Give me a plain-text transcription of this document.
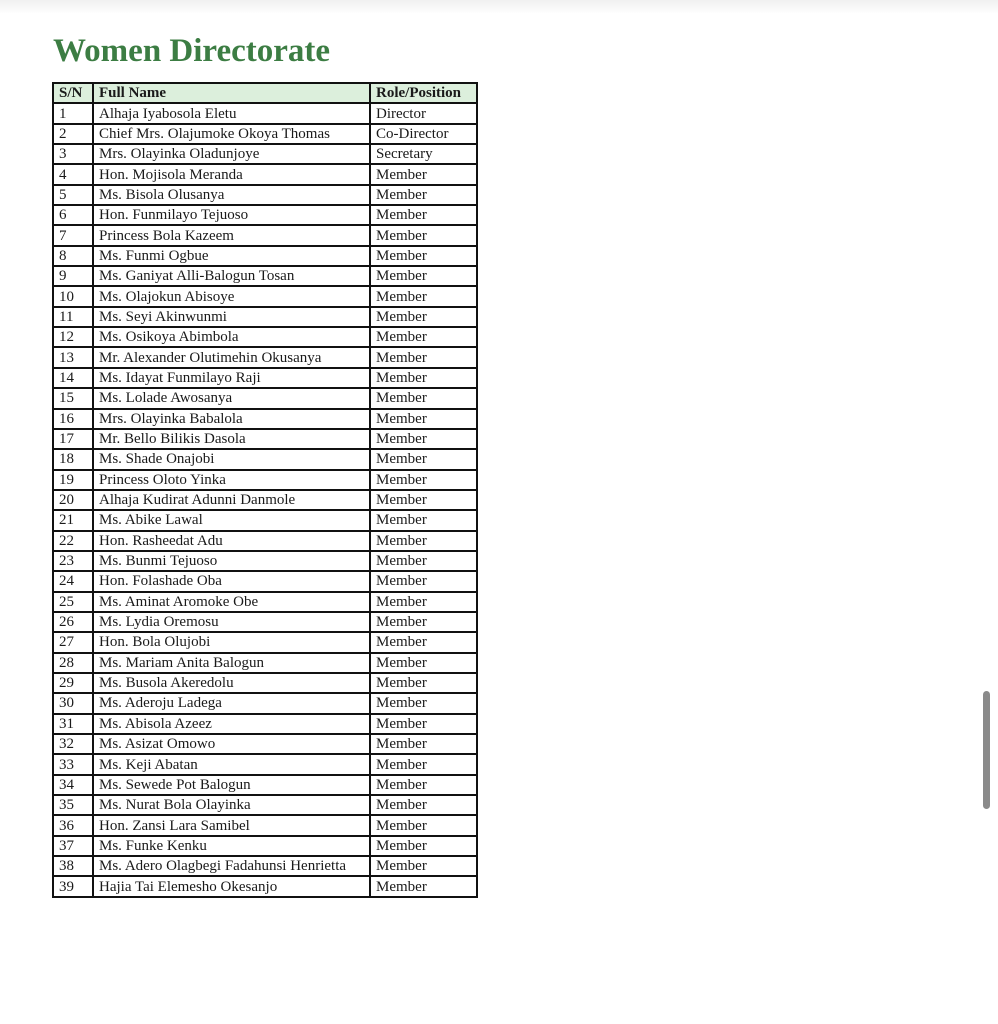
Women Directorate
S/N	Full Name	Role/Position
1	Alhaja Iyabosola Eletu	Director
2	Chief Mrs. Olajumoke Okoya Thomas	Co-Director
3	Mrs. Olayinka Oladunjoye	Secretary
4	Hon. Mojisola Meranda	Member
5	Ms. Bisola Olusanya	Member
6	Hon. Funmilayo Tejuoso	Member
7	Princess Bola Kazeem	Member
8	Ms. Funmi Ogbue	Member
9	Ms. Ganiyat Alli-Balogun Tosan	Member
10	Ms. Olajokun Abisoye	Member
11	Ms. Seyi Akinwunmi	Member
12	Ms. Osikoya Abimbola	Member
13	Mr. Alexander Olutimehin Okusanya	Member
14	Ms. Idayat Funmilayo Raji	Member
15	Ms. Lolade Awosanya	Member
16	Mrs. Olayinka Babalola	Member
17	Mr. Bello Bilikis Dasola	Member
18	Ms. Shade Onajobi	Member
19	Princess Oloto Yinka	Member
20	Alhaja Kudirat Adunni Danmole	Member
21	Ms. Abike Lawal	Member
22	Hon. Rasheedat Adu	Member
23	Ms. Bunmi Tejuoso	Member
24	Hon. Folashade Oba	Member
25	Ms. Aminat Aromoke Obe	Member
26	Ms. Lydia Oremosu	Member
27	Hon. Bola Olujobi	Member
28	Ms. Mariam Anita Balogun	Member
29	Ms. Busola Akeredolu	Member
30	Ms. Aderoju Ladega	Member
31	Ms. Abisola Azeez	Member
32	Ms. Asizat Omowo	Member
33	Ms. Keji Abatan	Member
34	Ms. Sewede Pot Balogun	Member
35	Ms. Nurat Bola Olayinka	Member
36	Hon. Zansi Lara Samibel	Member
37	Ms. Funke Kenku	Member
38	Ms. Adero Olagbegi Fadahunsi Henrietta	Member
39	Hajia Tai Elemesho Okesanjo	Member
